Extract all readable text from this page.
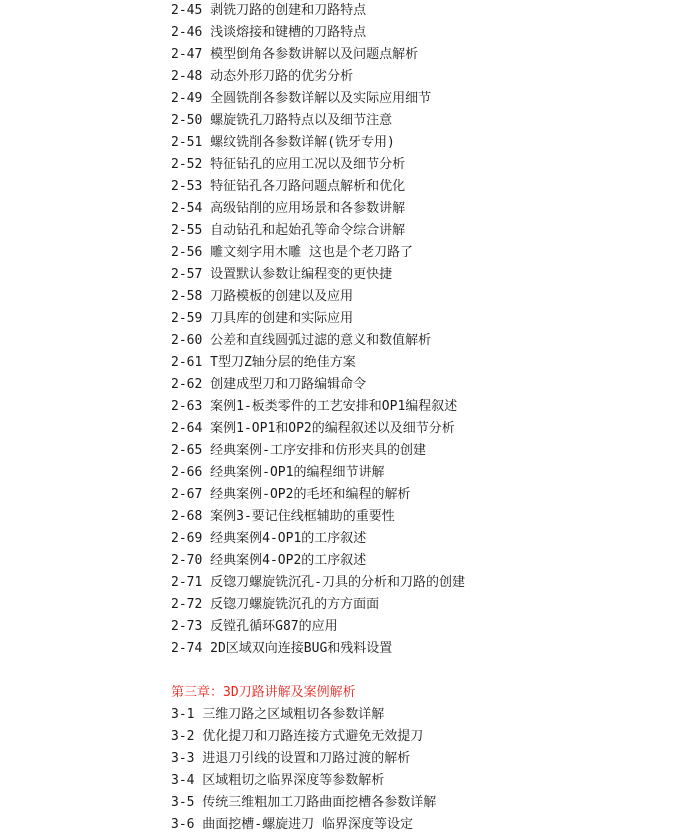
2-45 剥铣刀路的创建和刀路特点
2-46 浅谈熔接和键槽的刀路特点
2-47 模型倒角各参数讲解以及问题点解析
2-48 动态外形刀路的优劣分析
2-49 全圆铣削各参数详解以及实际应用细节
2-50 螺旋铣孔刀路特点以及细节注意
2-51 螺纹铣削各参数详解(铣牙专用)
2-52 特征钻孔的应用工况以及细节分析
2-53 特征钻孔各刀路问题点解析和优化
2-54 高级钻削的应用场景和各参数讲解
2-55 自动钻孔和起始孔等命令综合讲解
2-56 雕文刻字用木雕 这也是个老刀路了
2-57 设置默认参数让编程变的更快捷
2-58 刀路模板的创建以及应用
2-59 刀具库的创建和实际应用
2-60 公差和直线圆弧过滤的意义和数值解析
2-61 T型刀Z轴分层的绝佳方案
2-62 创建成型刀和刀路编辑命令
2-63 案例1-板类零件的工艺安排和OP1编程叙述
2-64 案例1-OP1和OP2的编程叙述以及细节分析
2-65 经典案例-工序安排和仿形夹具的创建
2-66 经典案例-OP1的编程细节讲解
2-67 经典案例-OP2的毛坯和编程的解析
2-68 案例3-要记住线框辅助的重要性
2-69 经典案例4-OP1的工序叙述
2-70 经典案例4-OP2的工序叙述
2-71 反锪刀螺旋铣沉孔-刀具的分析和刀路的创建
2-72 反锪刀螺旋铣沉孔的方方面面
2-73 反镗孔循环G87的应用
2-74 2D区域双向连接BUG和残料设置
第三章：3D刀路讲解及案例解析
3-1 三维刀路之区域粗切各参数详解
3-2 优化提刀和刀路连接方式避免无效提刀
3-3 进退刀引线的设置和刀路过渡的解析
3-4 区域粗切之临界深度等参数解析
3-5 传统三维粗加工刀路曲面挖槽各参数详解
3-6 曲面挖槽-螺旋进刀 临界深度等设定
